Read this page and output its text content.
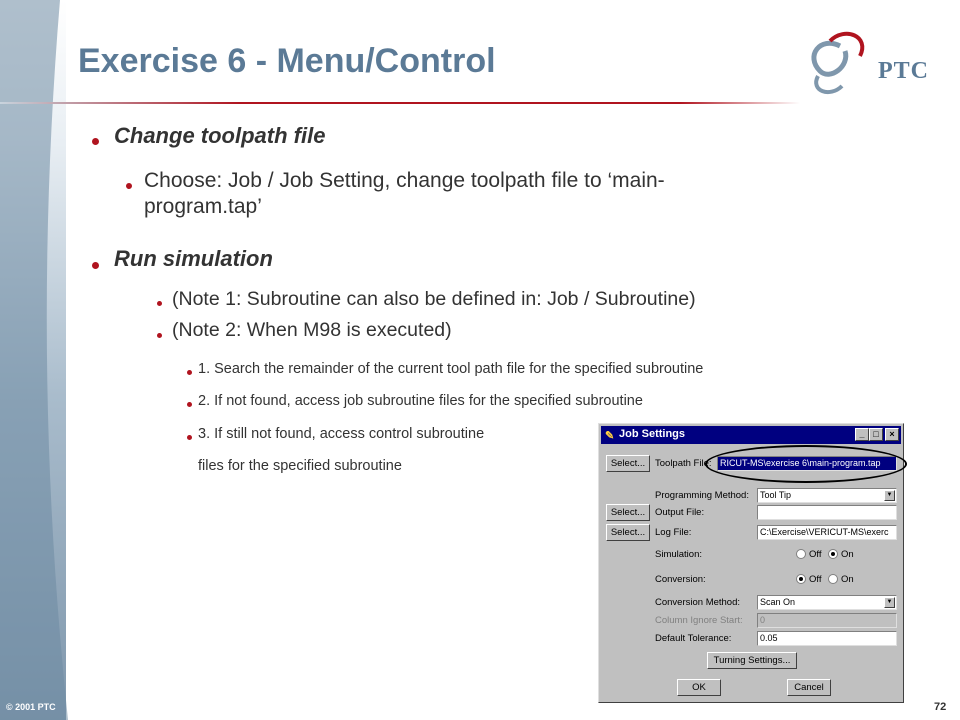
Exercise 6 - Menu/Control	PTC
Change toolpath file
Choose: Job / Job Setting, change toolpath file to ‘main-
program.tap’
Run simulation
(Note 1: Subroutine can also be defined in: Job / Subroutine)
(Note 2: When M98 is executed)
1. Search the remainder of the current tool path file for the specified subroutine
2. If not found, access job subroutine files for the specified subroutine
3. If still not found, access control subroutine
files for the specified subroutine
✎ Job Settings	_ □	×
Select...	Toolpath File: RICUT-MS\exercise 6\main-program.tap
Programming Method:	Tool Tip	▼
Select...	Output File:
Select...	Log File:	C:\Exercise\VERICUT-MS\exerc
Simulation:	Off On
Conversion:	Off On
Conversion Method:	Scan On	▼
Column Ignore Start:	0
Default Tolerance:	0.05
Turning Settings...
OK	Cancel
© 2001 PTC	72
